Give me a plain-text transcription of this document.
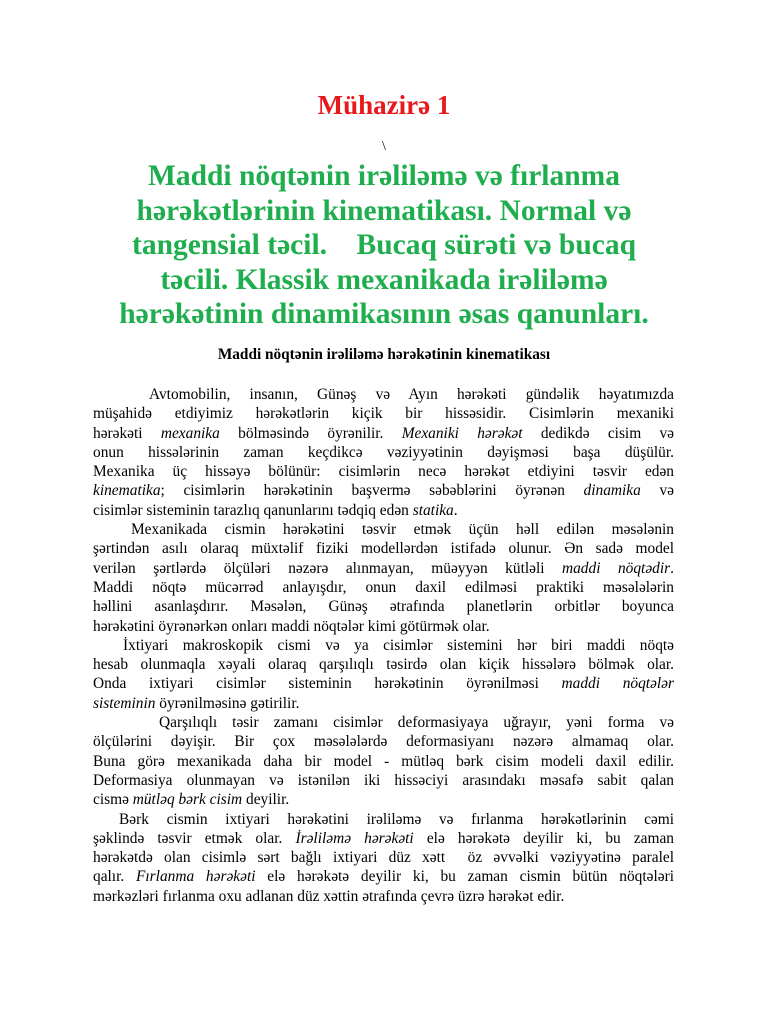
Mühazirə 1
\
Maddi nöqtənin irəliləmə və fırlanma
hərəkətlərinin kinematikası. Normal və
tangensial təcil.    Bucaq sürəti və bucaq
təcili. Klassik mexanikada irəliləmə
hərəkətinin dinamikasının əsas qanunları.
Maddi nöqtənin irəliləmə hərəkətinin kinematikası
Avtomobilin, insanın, Günəş və Ayın hərəkəti gündəlik həyatımızda
müşahidə etdiyimiz hərəkətlərin kiçik bir hissəsidir. Cisimlərin mexaniki
hərəkəti mexanika bölməsində öyrənilir. Mexaniki hərəkət dedikdə cisim və
onun hissələrinin zaman keçdikcə vəziyyətinin dəyişməsi başa düşülür.
Mexanika üç hissəyə bölünür: cisimlərin necə hərəkət etdiyini təsvir edən
kinematika; cisimlərin hərəkətinin başvermə səbəblərini öyrənən dinamika və
cisimlər sisteminin tarazlıq qanunlarını tədqiq edən statika.
Mexanikada cismin hərəkətini təsvir etmək üçün həll edilən məsələnin
şərtindən asılı olaraq müxtəlif fiziki modellərdən istifadə olunur. Ən sadə model
verilən şərtlərdə ölçüləri nəzərə alınmayan, müəyyən kütləli maddi nöqtədir.
Maddi nöqtə mücərrəd anlayışdır, onun daxil edilməsi praktiki məsələlərin
həllini asanlaşdırır. Məsələn, Günəş ətrafında planetlərin orbitlər boyunca
hərəkətini öyrənərkən onları maddi nöqtələr kimi götürmək olar.
İxtiyari makroskopik cismi və ya cisimlər sistemini hər biri maddi nöqtə
hesab olunmaqla xəyali olaraq qarşılıqlı təsirdə olan kiçik hissələrə bölmək olar.
Onda ixtiyari cisimlər sisteminin hərəkətinin öyrənilməsi maddi nöqtələr
sisteminin öyrənilməsinə gətirilir.
Qarşılıqlı təsir zamanı cisimlər deformasiyaya uğrayır, yəni forma və
ölçülərini dəyişir. Bir çox məsələlərdə deformasiyanı nəzərə almamaq olar.
Buna görə mexanikada daha bir model - mütləq bərk cisim modeli daxil edilir.
Deformasiya olunmayan və istənilən iki hissəciyi arasındakı məsafə sabit qalan
cismə mütləq bərk cisim deyilir.
Bərk cismin ixtiyari hərəkətini irəliləmə və fırlanma hərəkətlərinin cəmi
şəklində təsvir etmək olar. İrəliləmə hərəkəti elə hərəkətə deyilir ki, bu zaman
hərəkətdə olan cisimlə sərt bağlı ixtiyari düz xətt  öz əvvəlki vəziyyətinə paralel
qalır. Fırlanma hərəkəti elə hərəkətə deyilir ki, bu zaman cismin bütün nöqtələri
mərkəzləri fırlanma oxu adlanan düz xəttin ətrafında çevrə üzrə hərəkət edir.
